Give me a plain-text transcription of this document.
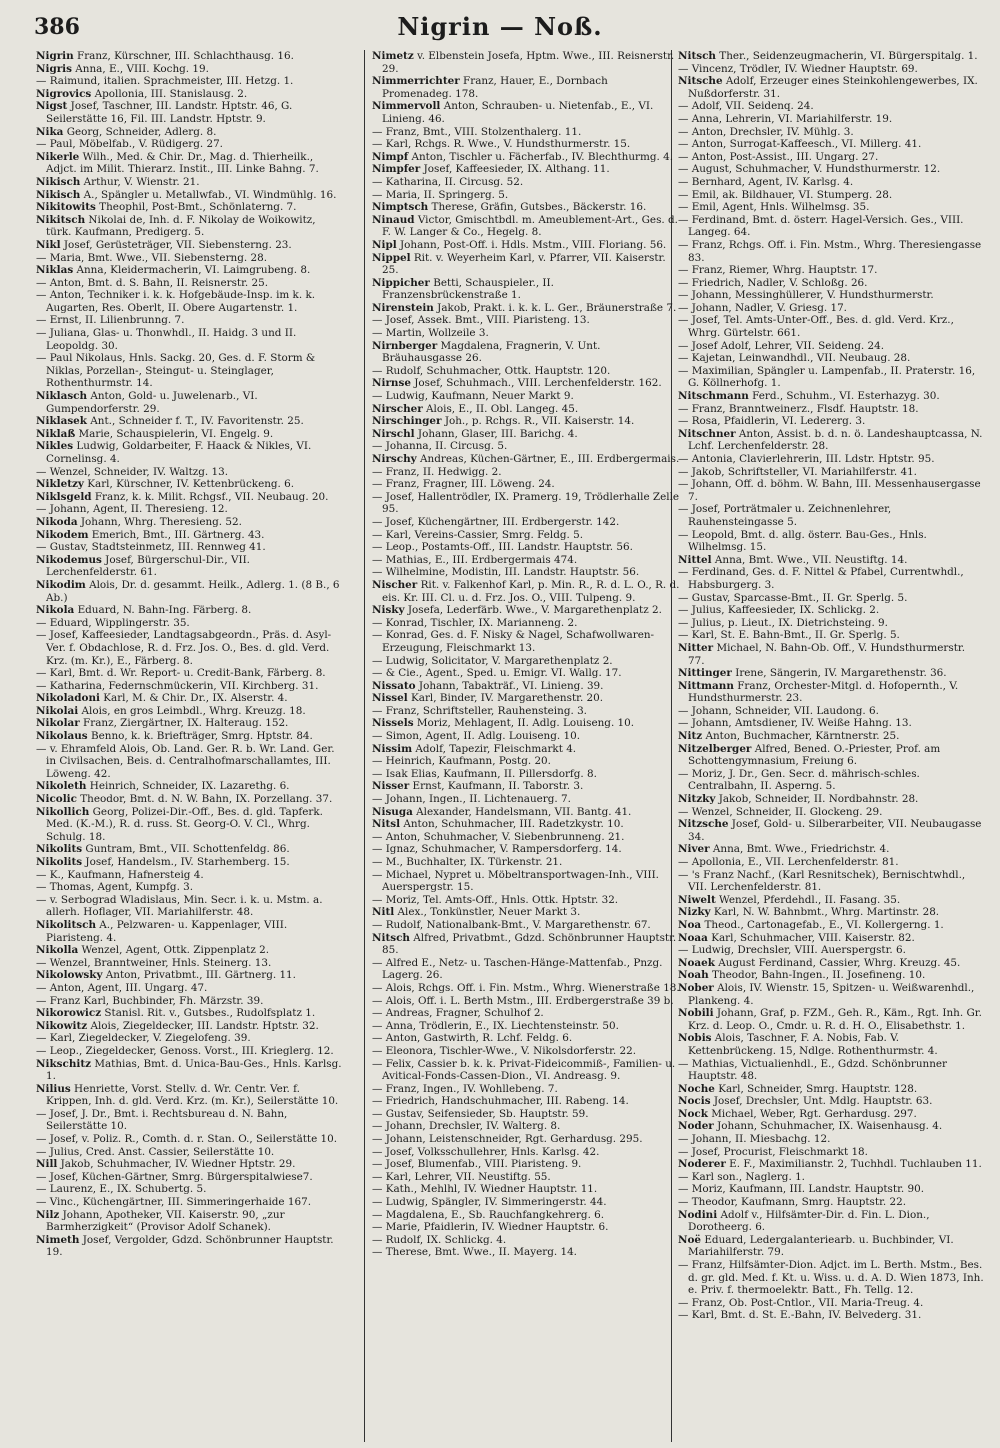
386	Nigrin — Noß.

Nigrin Franz, Kürschner, III. Schlachthausg. 16.

Nigris Anna, E., VIII. Kochg. 19.

— Raimund, italien. Sprachmeister, III. Hetzg. 1.

Nigrovics Apollonia, III. Stanislausg. 2.

Nigst Josef, Taschner, III. Landstr. Hptstr. 46, G. Seilerstätte 16, Fil. III. Landstr. Hptstr. 9.

Nika Georg, Schneider, Adlerg. 8.

— Paul, Möbelfab., V. Rüdigerg. 27.

Nikerle Wilh., Med. & Chir. Dr., Mag. d. Thierheilk., Adjct. im Milit. Thierarz. Instit., III. Linke Bahng. 7.

Nikisch Arthur, V. Wienstr. 21.

Nikisch A., Spängler u. Metallwfab., VI. Windmühlg. 16.

Nikitowits Theophil, Post-Bmt., Schönlaterng. 7.

Nikitsch Nikolai de, Inh. d. F. Nikolay de Woikowitz, türk. Kaufmann, Predigerg. 5.

Nikl Josef, Gerüsteträger, VII. Siebensterng. 23.

— Maria, Bmt. Wwe., VII. Siebensterng. 28.

Niklas Anna, Kleidermacherin, VI. Laimgrubeng. 8.

— Anton, Bmt. d. S. Bahn, II. Reisnerstr. 25.

— Anton, Techniker i. k. k. Hofgebäude-Insp. im k. k. Augarten, Res. Oberlt, II. Obere Augartenstr. 1.

— Ernst, II. Lilienbrunng. 7.

— Juliana, Glas- u. Thonwhdl., II. Haidg. 3 und II. Leopoldg. 30.

— Paul Nikolaus, Hnls. Sackg. 20, Ges. d. F. Storm & Niklas, Porzellan-, Steingut- u. Steinglager, Rothenthurmstr. 14.

Niklasch Anton, Gold- u. Juwelenarb., VI. Gumpendorferstr. 29.

Niklasek Ant., Schneider f. T., IV. Favoritenstr. 25.

Niklaß Marie, Schauspielerin, VI. Engelg. 9.

Nikles Ludwig, Goldarbeiter, F. Haack & Nikles, VI. Cornelinsg. 4.

— Wenzel, Schneider, IV. Waltzg. 13.

Nikletzy Karl, Kürschner, IV. Kettenbrückeng. 6.

Niklsgeld Franz, k. k. Milit. Rchgsf., VII. Neubaug. 20.

— Johann, Agent, II. Theresieng. 12.

Nikoda Johann, Whrg. Theresieng. 52.

Nikodem Emerich, Bmt., III. Gärtnerg. 43.

— Gustav, Stadtsteinmetz, III. Rennweg 41.

Nikodemus Josef, Bürgerschul-Dir., VII. Lerchenfelderstr. 61.

Nikodim Alois, Dr. d. gesammt. Heilk., Adlerg. 1. (8 B., 6 Ab.)

Nikola Eduard, N. Bahn-Ing. Färberg. 8.

— Eduard, Wipplingerstr. 35.

— Josef, Kaffeesieder, Landtagsabgeordn., Präs. d. Asyl-Ver. f. Obdachlose, R. d. Frz. Jos. O., Bes. d. gld. Verd. Krz. (m. Kr.), E., Färberg. 8.

— Karl, Bmt. d. Wr. Report- u. Credit-Bank, Färberg. 8.

— Katharina, Federnschmückerin, VII. Kirchberg. 31.

Nikoladoni Karl, M. & Chir. Dr., IX. Alserstr. 4.

Nikolai Alois, en gros Leimbdl., Whrg. Kreuzg. 18.

Nikolar Franz, Ziergärtner, IX. Halteraug. 152.

Nikolaus Benno, k. k. Briefträger, Smrg. Hptstr. 84.

— v. Ehramfeld Alois, Ob. Land. Ger. R. b. Wr. Land. Ger. in Civilsachen, Beis. d. Centralhofmarschallamtes, III. Löweng. 42.

Nikoleth Heinrich, Schneider, IX. Lazarethg. 6.

Nicolic Theodor, Bmt. d. N. W. Bahn, IX. Porzellang. 37.

Nikollich Georg, Polizei-Dir.-Off., Bes. d. gld. Tapferk. Med. (K.-M.), R. d. russ. St. Georg-O. V. Cl., Whrg. Schulg. 18.

Nikolits Guntram, Bmt., VII. Schottenfeldg. 86.

Nikolits Josef, Handelsm., IV. Starhemberg. 15.

— K., Kaufmann, Hafnersteig 4.

— Thomas, Agent, Kumpfg. 3.

— v. Serbograd Wladislaus, Min. Secr. i. k. u. Mstm. a. allerh. Hoflager, VII. Mariahilferstr. 48.

Nikolitsch A., Pelzwaren- u. Kappenlager, VIII. Piaristeng. 4.

Nikolla Wenzel, Agent, Ottk. Zippenplatz 2.

— Wenzel, Branntweiner, Hnls. Steinerg. 13.

Nikolowsky Anton, Privatbmt., III. Gärtnerg. 11.

— Anton, Agent, III. Ungarg. 47.

— Franz Karl, Buchbinder, Fh. Märzstr. 39.

Nikorowicz Stanisl. Rit. v., Gutsbes., Rudolfsplatz 1.

Nikowitz Alois, Ziegeldecker, III. Landstr. Hptstr. 32.

— Karl, Ziegeldecker, V. Ziegelofeng. 39.

— Leop., Ziegeldecker, Genoss. Vorst., III. Krieglerg. 12.

Nikschitz Mathias, Bmt. d. Unica-Bau-Ges., Hnls. Karlsg. 1.

Nilius Henriette, Vorst. Stellv. d. Wr. Centr. Ver. f. Krippen, Inh. d. gld. Verd. Krz. (m. Kr.), Seilerstätte 10.

— Josef, J. Dr., Bmt. i. Rechtsbureau d. N. Bahn, Seilerstätte 10.

— Josef, v. Poliz. R., Comth. d. r. Stan. O., Seilerstätte 10.

— Julius, Cred. Anst. Cassier, Seilerstätte 10.

Nill Jakob, Schuhmacher, IV. Wiedner Hptstr. 29.

— Josef, Küchen-Gärtner, Smrg. Bürgerspitalwiese7.

— Laurenz, E., IX. Schubertg. 5.

— Vinc., Küchengärtner, III. Simmeringerhaide 167.

Nilz Johann, Apotheker, VII. Kaiserstr. 90, „zur Barmherzigkeit“ (Provisor Adolf Schanek).

Nimeth Josef, Vergolder, Gdzd. Schönbrunner Hauptstr. 19.

Nimetz v. Elbenstein Josefa, Hptm. Wwe., III. Reisnerstr. 29.

Nimmerrichter Franz, Hauer, E., Dornbach Promenadeg. 178.

Nimmervoll Anton, Schrauben- u. Nietenfab., E., VI. Linieng. 46.

— Franz, Bmt., VIII. Stolzenthalerg. 11.

— Karl, Rchgs. R. Wwe., V. Hundsthurmerstr. 15.

Nimpf Anton, Tischler u. Fächerfab., IV. Blechthurmg. 4.

Nimpfer Josef, Kaffeesieder, IX. Althang. 11.

— Katharina, II. Circusg. 52.

— Maria, II. Springerg. 5.

Nimptsch Therese, Gräfin, Gutsbes., Bäckerstr. 16.

Ninaud Victor, Gmischtbdl. m. Ameublement-Art., Ges. d. F. W. Langer & Co., Hegelg. 8.

Nipl Johann, Post-Off. i. Hdls. Mstm., VIII. Floriang. 56.

Nippel Rit. v. Weyerheim Karl, v. Pfarrer, VII. Kaiserstr. 25.

Nippicher Betti, Schauspieler., II. Franzensbrückenstraße 1.

Nirenstein Jakob, Prakt. i. k. k. L. Ger., Bräunerstraße 7.

— Josef, Assek. Bmt., VIII. Piaristeng. 13.

— Martin, Wollzeile 3.

Nirnberger Magdalena, Fragnerin, V. Unt. Bräuhausgasse 26.

— Rudolf, Schuhmacher, Ottk. Hauptstr. 120.

Nirnse Josef, Schuhmach., VIII. Lerchenfelderstr. 162.

— Ludwig, Kaufmann, Neuer Markt 9.

Nirscher Alois, E., II. Obl. Langeg. 45.

Nirschinger Joh., p. Rchgs. R., VII. Kaiserstr. 14.

Nirschl Johann, Glaser, III. Barichg. 4.

— Johanna, II. Circusg. 5.

Nirschy Andreas, Küchen-Gärtner, E., III. Erdbergermais.

— Franz, II. Hedwigg. 2.

— Franz, Fragner, III. Löweng. 24.

— Josef, Hallentrödler, IX. Pramerg. 19, Trödlerhalle Zelle 95.

— Josef, Küchengärtner, III. Erdbergerstr. 142.

— Karl, Vereins-Cassier, Smrg. Feldg. 5.

— Leop., Postamts-Off., III. Landstr. Hauptstr. 56.

— Mathias, E., III. Erdbergermais 474.

— Wilhelmine, Modistin, III. Landstr. Hauptstr. 56.

Nischer Rit. v. Falkenhof Karl, p. Min. R., R. d. L. O., R. d. eis. Kr. III. Cl. u. d. Frz. Jos. O., VIII. Tulpeng. 9.

Nisky Josefa, Lederfärb. Wwe., V. Margarethenplatz 2.

— Konrad, Tischler, IX. Marianneng. 2.

— Konrad, Ges. d. F. Nisky & Nagel, Schafwollwaren-Erzeugung, Fleischmarkt 13.

— Ludwig, Solicitator, V. Margarethenplatz 2.

— & Cie., Agent., Sped. u. Emigr. VI. Wallg. 17.

Nissato Johann, Tabakträf., VI. Linieng. 39.

Nissel Karl, Binder, IV. Margarethenstr. 20.

— Franz, Schriftsteller, Rauhensteing. 3.

Nissels Moriz, Mehlagent, II. Adlg. Louiseng. 10.

— Simon, Agent, II. Adlg. Louiseng. 10.

Nissim Adolf, Tapezir, Fleischmarkt 4.

— Heinrich, Kaufmann, Postg. 20.

— Isak Elias, Kaufmann, II. Pillersdorfg. 8.

Nisser Ernst, Kaufmann, II. Taborstr. 3.

— Johann, Ingen., II. Lichtenauerg. 7.

Nisuga Alexander, Handelsmann, VII. Bantg. 41.

Nitsl Anton, Schuhmacher, III. Radetzkystr. 10.

— Anton, Schuhmacher, V. Siebenbrunneng. 21.

— Ignaz, Schuhmacher, V. Rampersdorferg. 14.

— M., Buchhalter, IX. Türkenstr. 21.

— Michael, Nypret u. Möbeltransportwagen-Inh., VIII. Auerspergstr. 15.

— Moriz, Tel. Amts-Off., Hnls. Ottk. Hptstr. 32.

Nitl Alex., Tonkünstler, Neuer Markt 3.

— Rudolf, Nationalbank-Bmt., V. Margarethenstr. 67.

Nitsch Alfred, Privatbmt., Gdzd. Schönbrunner Hauptstr. 85.

— Alfred E., Netz- u. Taschen-Hänge-Mattenfab., Pnzg. Lagerg. 26.

— Alois, Rchgs. Off. i. Fin. Mstm., Whrg. Wienerstraße 18.

— Alois, Off. i. L. Berth Mstm., III. Erdbergerstraße 39 b.

— Andreas, Fragner, Schulhof 2.

— Anna, Trödlerin, E., IX. Liechtensteinstr. 50.

— Anton, Gastwirth, R. Lchf. Feldg. 6.

— Eleonora, Tischler-Wwe., V. Nikolsdorferstr. 22.

— Felix, Cassier b. k. k. Privat-Fideicommiß-, Familien- u. Avitical-Fonds-Cassen-Dion., VI. Andreasg. 9.

— Franz, Ingen., IV. Wohllebeng. 7.

— Friedrich, Handschuhmacher, III. Rabeng. 14.

— Gustav, Seifensieder, Sb. Hauptstr. 59.

— Johann, Drechsler, IV. Walterg. 8.

— Johann, Leistenschneider, Rgt. Gerhardusg. 295.

— Josef, Volksschullehrer, Hnls. Karlsg. 42.

— Josef, Blumenfab., VIII. Piaristeng. 9.

— Karl, Lehrer, VII. Neustiftg. 55.

— Kath., Mehlhl, IV. Wiedner Hauptstr. 11.

— Ludwig, Spängler, IV. Simmeringerstr. 44.

— Magdalena, E., Sb. Rauchfangkehrerg. 6.

— Marie, Pfaidlerin, IV. Wiedner Hauptstr. 6.

— Rudolf, IX. Schlickg. 4.

— Therese, Bmt. Wwe., II. Mayerg. 14.

Nitsch Ther., Seidenzeugmacherin, VI. Bürgerspitalg. 1.

— Vincenz, Trödler, IV. Wiedner Hauptstr. 69.

Nitsche Adolf, Erzeuger eines Steinkohlengewerbes, IX. Nußdorferstr. 31.

— Adolf, VII. Seidenq. 24.

— Anna, Lehrerin, VI. Mariahilferstr. 19.

— Anton, Drechsler, IV. Mühlg. 3.

— Anton, Surrogat-Kaffeesch., VI. Millerg. 41.

— Anton, Post-Assist., III. Ungarg. 27.

— August, Schuhmacher, V. Hundsthurmerstr. 12.

— Bernhard, Agent, IV. Karlsg. 4.

— Emil, ak. Bildhauer, VI. Stumperg. 28.

— Emil, Agent, Hnls. Wilhelmsg. 35.

— Ferdinand, Bmt. d. österr. Hagel-Versich. Ges., VIII. Langeg. 64.

— Franz, Rchgs. Off. i. Fin. Mstm., Whrg. Theresiengasse 83.

— Franz, Riemer, Whrg. Hauptstr. 17.

— Friedrich, Nadler, V. Schloßg. 26.

— Johann, Messinghüllerer, V. Hundsthurmerstr.

— Johann, Nadler, V. Griesg. 17.

— Josef, Tel. Amts-Unter-Off., Bes. d. gld. Verd. Krz., Whrg. Gürtelstr. 661.

— Josef Adolf, Lehrer, VII. Seideng. 24.

— Kajetan, Leinwandhdl., VII. Neubaug. 28.

— Maximilian, Spängler u. Lampenfab., II. Praterstr. 16, G. Köllnerhofg. 1.

Nitschmann Ferd., Schuhm., VI. Esterhazyg. 30.

— Franz, Branntweinerz., Flsdf. Hauptstr. 18.

— Rosa, Pfaidlerin, VI. Ledererg. 3.

Nitschner Anton, Assist. b. d. n. ö. Landeshauptcassa, N. Lchf. Lerchenfelderstr. 28.

— Antonia, Clavierlehrerin, III. Ldstr. Hptstr. 95.

— Jakob, Schriftsteller, VI. Mariahilferstr. 41.

— Johann, Off. d. böhm. W. Bahn, III. Messenhausergasse 7.

— Josef, Porträtmaler u. Zeichnenlehrer, Rauhensteingasse 5.

— Leopold, Bmt. d. allg. österr. Bau-Ges., Hnls. Wilhelmsg. 15.

Nittel Anna, Bmt. Wwe., VII. Neustiftg. 14.

— Ferdinand, Ges. d. F. Nittel & Pfabel, Currentwhdl., Habsburgerg. 3.

— Gustav, Sparcasse-Bmt., II. Gr. Sperlg. 5.

— Julius, Kaffeesieder, IX. Schlickg. 2.

— Julius, p. Lieut., IX. Dietrichsteing. 9.

— Karl, St. E. Bahn-Bmt., II. Gr. Sperlg. 5.

Nitter Michael, N. Bahn-Ob. Off., V. Hundsthurmerstr. 77.

Nittinger Irene, Sängerin, IV. Margarethenstr. 36.

Nittmann Franz, Orchester-Mitgl. d. Hofopernth., V. Hundsthurmerstr. 23.

— Johann, Schneider, VII. Laudong. 6.

— Johann, Amtsdiener, IV. Weiße Hahng. 13.

Nitz Anton, Buchmacher, Kärntnerstr. 25.

Nitzelberger Alfred, Bened. O.-Priester, Prof. am Schottengymnasium, Freiung 6.

— Moriz, J. Dr., Gen. Secr. d. mährisch-schles. Centralbahn, II. Asperng. 5.

Nitzky Jakob, Schneider, II. Nordbahnstr. 28.

— Wenzel, Schneider, II. Glockeng. 29.

Nitzsche Josef, Gold- u. Silberarbeiter, VII. Neubaugasse 34.

Niver Anna, Bmt. Wwe., Friedrichstr. 4.

— Apollonia, E., VII. Lerchenfelderstr. 81.

— 's Franz Nachf., (Karl Resnitschek), Bernischtwhdl., VII. Lerchenfelderstr. 81.

Niwelt Wenzel, Pferdehdl., II. Fasang. 35.

Nizky Karl, N. W. Bahnbmt., Whrg. Martinstr. 28.

Noa Theod., Cartonagefab., E., VI. Kollergerng. 1.

Noaa Karl, Schuhmacher, VIII. Kaiserstr. 82.

— Ludwig, Drechsler, VIII. Auerspergstr. 6.

Noaek August Ferdinand, Cassier, Whrg. Kreuzg. 45.

Noah Theodor, Bahn-Ingen., II. Josefineng. 10.

Nober Alois, IV. Wienstr. 15, Spitzen- u. Weißwarenhdl., Plankeng. 4.

Nobili Johann, Graf, p. FZM., Geh. R., Käm., Rgt. Inh. Gr. Krz. d. Leop. O., Cmdr. u. R. d. H. O., Elisabethstr. 1.

Nobis Alois, Taschner, F. A. Nobis, Fab. V. Kettenbrückeng. 15, Ndlge. Rothenthurmstr. 4.

— Mathias, Victualienhdl., E., Gdzd. Schönbrunner Hauptstr. 48.

Noche Karl, Schneider, Smrg. Hauptstr. 128.

Nocis Josef, Drechsler, Unt. Mdlg. Hauptstr. 63.

Nock Michael, Weber, Rgt. Gerhardusg. 297.

Noder Johann, Schuhmacher, IX. Waisenhausg. 4.

— Johann, II. Miesbachg. 12.

— Josef, Procurist, Fleischmarkt 18.

Noderer E. F., Maximilianstr. 2, Tuchhdl. Tuchlauben 11.

— Karl son., Naglerg. 1.

— Moriz, Kaufmann, III. Landstr. Hauptstr. 90.

— Theodor, Kaufmann, Smrg. Hauptstr. 22.

Nodini Adolf v., Hilfsämter-Dir. d. Fin. L. Dion., Dorotheerg. 6.

Noë Eduard, Ledergalanteriearb. u. Buchbinder, VI. Mariahilferstr. 79.

— Franz, Hilfsämter-Dion. Adjct. im L. Berth. Mstm., Bes. d. gr. gld. Med. f. Kt. u. Wiss. u. d. A. D. Wien 1873, Inh. e. Priv. f. thermoelektr. Batt., Fh. Tellg. 12.

— Franz, Ob. Post-Cntlor., VII. Maria-Treug. 4.

— Karl, Bmt. d. St. E.-Bahn, IV. Belvederg. 31.
